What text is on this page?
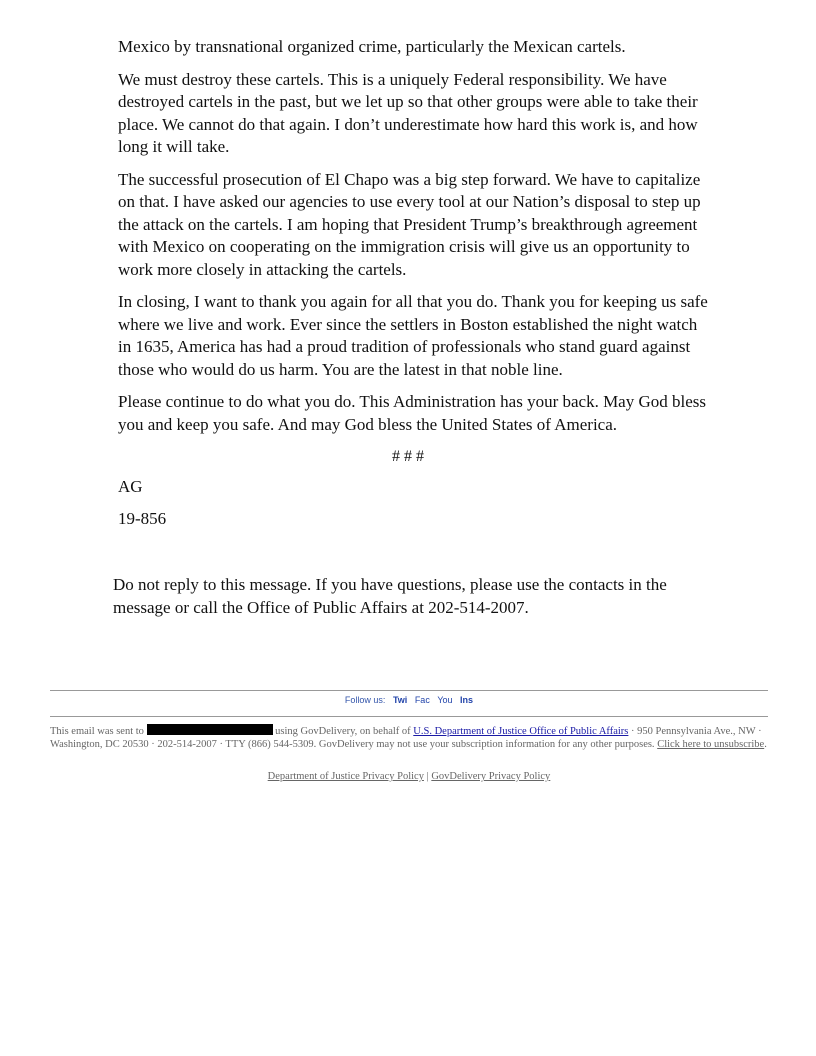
Mexico by transnational organized crime, particularly the Mexican cartels.

We must destroy these cartels. This is a uniquely Federal responsibility. We have destroyed cartels in the past, but we let up so that other groups were able to take their place. We cannot do that again. I don’t underestimate how hard this work is, and how long it will take.

The successful prosecution of El Chapo was a big step forward. We have to capitalize on that. I have asked our agencies to use every tool at our Nation’s disposal to step up the attack on the cartels. I am hoping that President Trump’s breakthrough agreement with Mexico on cooperating on the immigration crisis will give us an opportunity to work more closely in attacking the cartels.

In closing, I want to thank you again for all that you do. Thank you for keeping us safe where we live and work. Ever since the settlers in Boston established the night watch in 1635, America has had a proud tradition of professionals who stand guard against those who would do us harm. You are the latest in that noble line.

Please continue to do what you do. This Administration has your back. May God bless you and keep you safe. And may God bless the United States of America.

# # #
AG
19-856
Do not reply to this message. If you have questions, please use the contacts in the message or call the Office of Public Affairs at 202-514-2007.
Follow us: Twi Fac You Ins
This email was sent to	using GovDelivery, on behalf of U.S. Department of Justice Office of Public Affairs · 950 Pennsylvania Ave., NW · Washington, DC 20530 · 202-514-2007 · TTY (866) 544-5309. GovDelivery may not use your subscription information for any other purposes. Click here to unsubscribe.
Department of Justice Privacy Policy | GovDelivery Privacy Policy
